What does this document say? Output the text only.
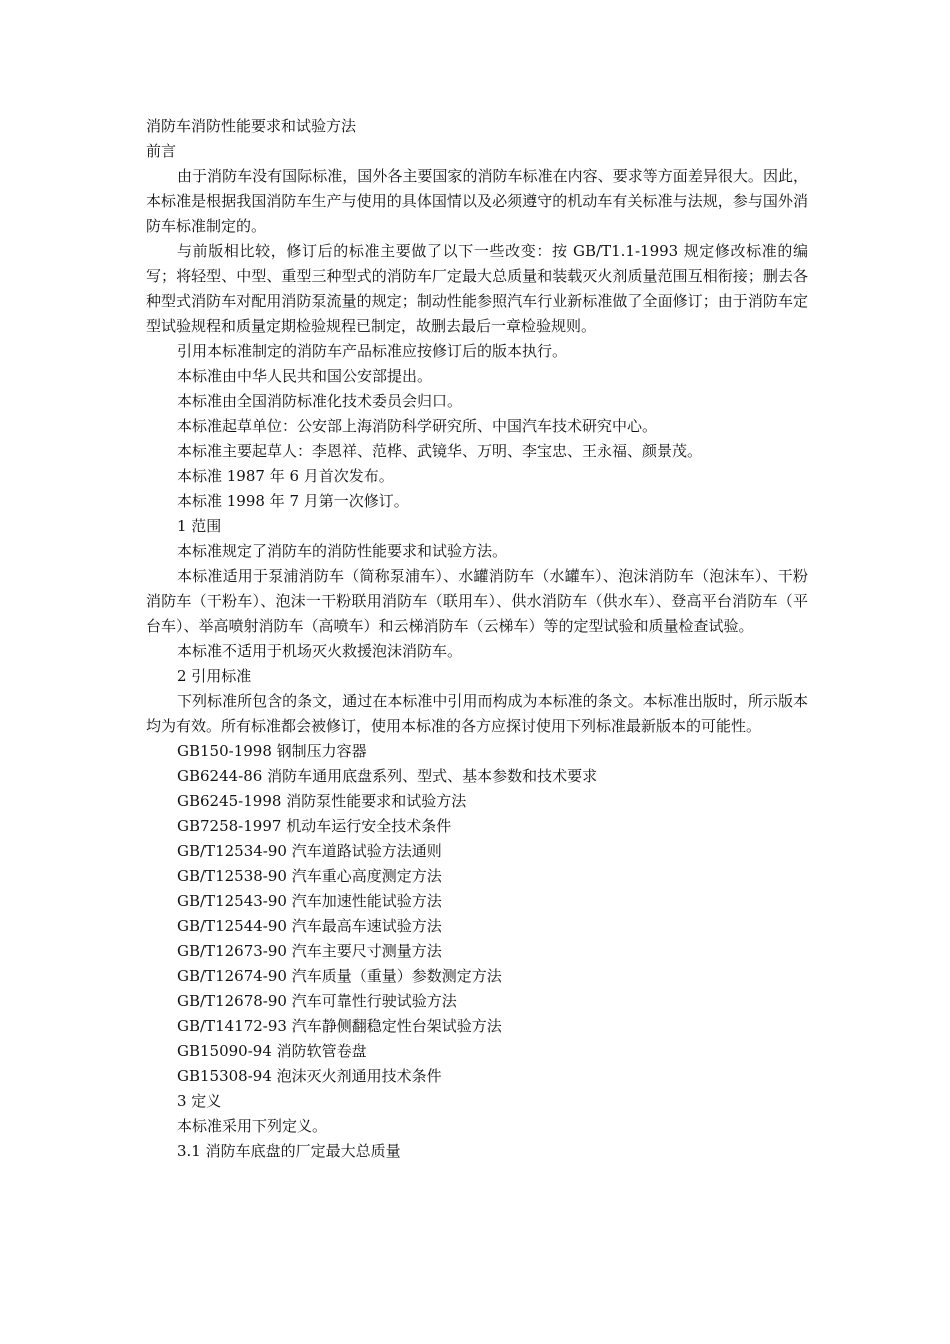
消防车消防性能要求和试验方法
前言

由于消防车没有国际标准，国外各主要国家的消防车标准在内容、要求等方面差异很大。因此，本标准是根据我国消防车生产与使用的具体国情以及必须遵守的机动车有关标准与法规，参与国外消防车标准制定的。

与前版相比较，修订后的标准主要做了以下一些改变：按 GB/T1.1-1993 规定修改标准的编写；将轻型、中型、重型三种型式的消防车厂定最大总质量和装载灭火剂质量范围互相衔接；删去各种型式消防车对配用消防泵流量的规定；制动性能参照汽车行业新标准做了全面修订；由于消防车定型试验规程和质量定期检验规程已制定，故删去最后一章检验规则。

引用本标准制定的消防车产品标准应按修订后的版本执行。
本标准由中华人民共和国公安部提出。
本标准由全国消防标准化技术委员会归口。
本标准起草单位：公安部上海消防科学研究所、中国汽车技术研究中心。
本标准主要起草人：李恩祥、范桦、武镜华、万明、李宝忠、王永福、颜景茂。
本标准 1987 年 6 月首次发布。
本标准 1998 年 7 月第一次修订。
1 范围
本标准规定了消防车的消防性能要求和试验方法。

本标准适用于泵浦消防车（简称泵浦车）、水罐消防车（水罐车）、泡沫消防车（泡沫车）、干粉消防车（干粉车）、泡沫一干粉联用消防车（联用车）、供水消防车（供水车）、登高平台消防车（平台车）、举高喷射消防车（高喷车）和云梯消防车（云梯车）等的定型试验和质量检查试验。

本标准不适用于机场灭火救援泡沫消防车。
2 引用标准

下列标准所包含的条文，通过在本标准中引用而构成为本标准的条文。本标准出版时，所示版本均为有效。所有标准都会被修订，使用本标准的各方应探讨使用下列标准最新版本的可能性。

GB150-1998 钢制压力容器
GB6244-86 消防车通用底盘系列、型式、基本参数和技术要求
GB6245-1998 消防泵性能要求和试验方法
GB7258-1997 机动车运行安全技术条件
GB/T12534-90 汽车道路试验方法通则
GB/T12538-90 汽车重心高度测定方法
GB/T12543-90 汽车加速性能试验方法
GB/T12544-90 汽车最高车速试验方法
GB/T12673-90 汽车主要尺寸测量方法
GB/T12674-90 汽车质量（重量）参数测定方法
GB/T12678-90 汽车可靠性行驶试验方法
GB/T14172-93 汽车静侧翻稳定性台架试验方法
GB15090-94 消防软管卷盘
GB15308-94 泡沫灭火剂通用技术条件
3 定义
本标准采用下列定义。
3.1 消防车底盘的厂定最大总质量
